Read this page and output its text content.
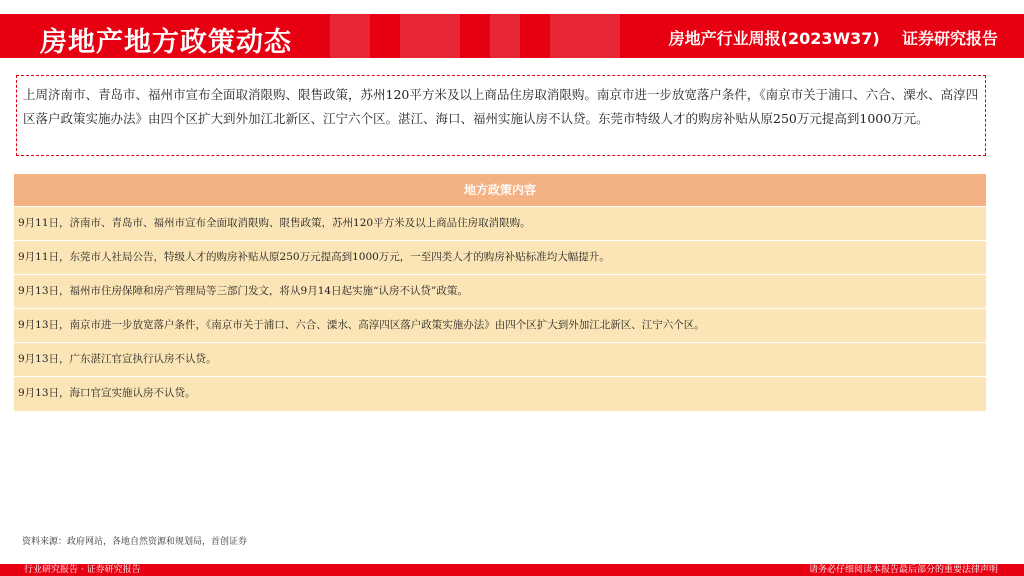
房地产地方政策动态	房地产行业周报(2023W37)    证券研究报告
上周济南市、青岛市、福州市宣布全面取消限购、限售政策，苏州120平方米及以上商品住房取消限购。南京市进一步放宽落户条件，《南京市关于浦口、六合、溧水、高淳四区落户政策实施办法》由四个区扩大到外加江北新区、江宁六个区。湛江、海口、福州实施认房不认贷。东莞市特级人才的购房补贴从原250万元提高到1000万元。
地方政策内容
9月11日，济南市、青岛市、福州市宣布全面取消限购、限售政策，苏州120平方米及以上商品住房取消限购。
9月11日，东莞市人社局公告，特级人才的购房补贴从原250万元提高到1000万元，一至四类人才的购房补贴标准均大幅提升。
9月13日，福州市住房保障和房产管理局等三部门发文，将从9月14日起实施“认房不认贷”政策。
9月13日，南京市进一步放宽落户条件，《南京市关于浦口、六合、溧水、高淳四区落户政策实施办法》由四个区扩大到外加江北新区、江宁六个区。
9月13日，广东湛江官宣执行认房不认贷。
9月13日，海口官宣实施认房不认贷。
资料来源：政府网站，各地自然资源和规划局，首创证券
行业研究报告 · 证券研究报告	请务必仔细阅读本报告最后部分的重要法律声明
